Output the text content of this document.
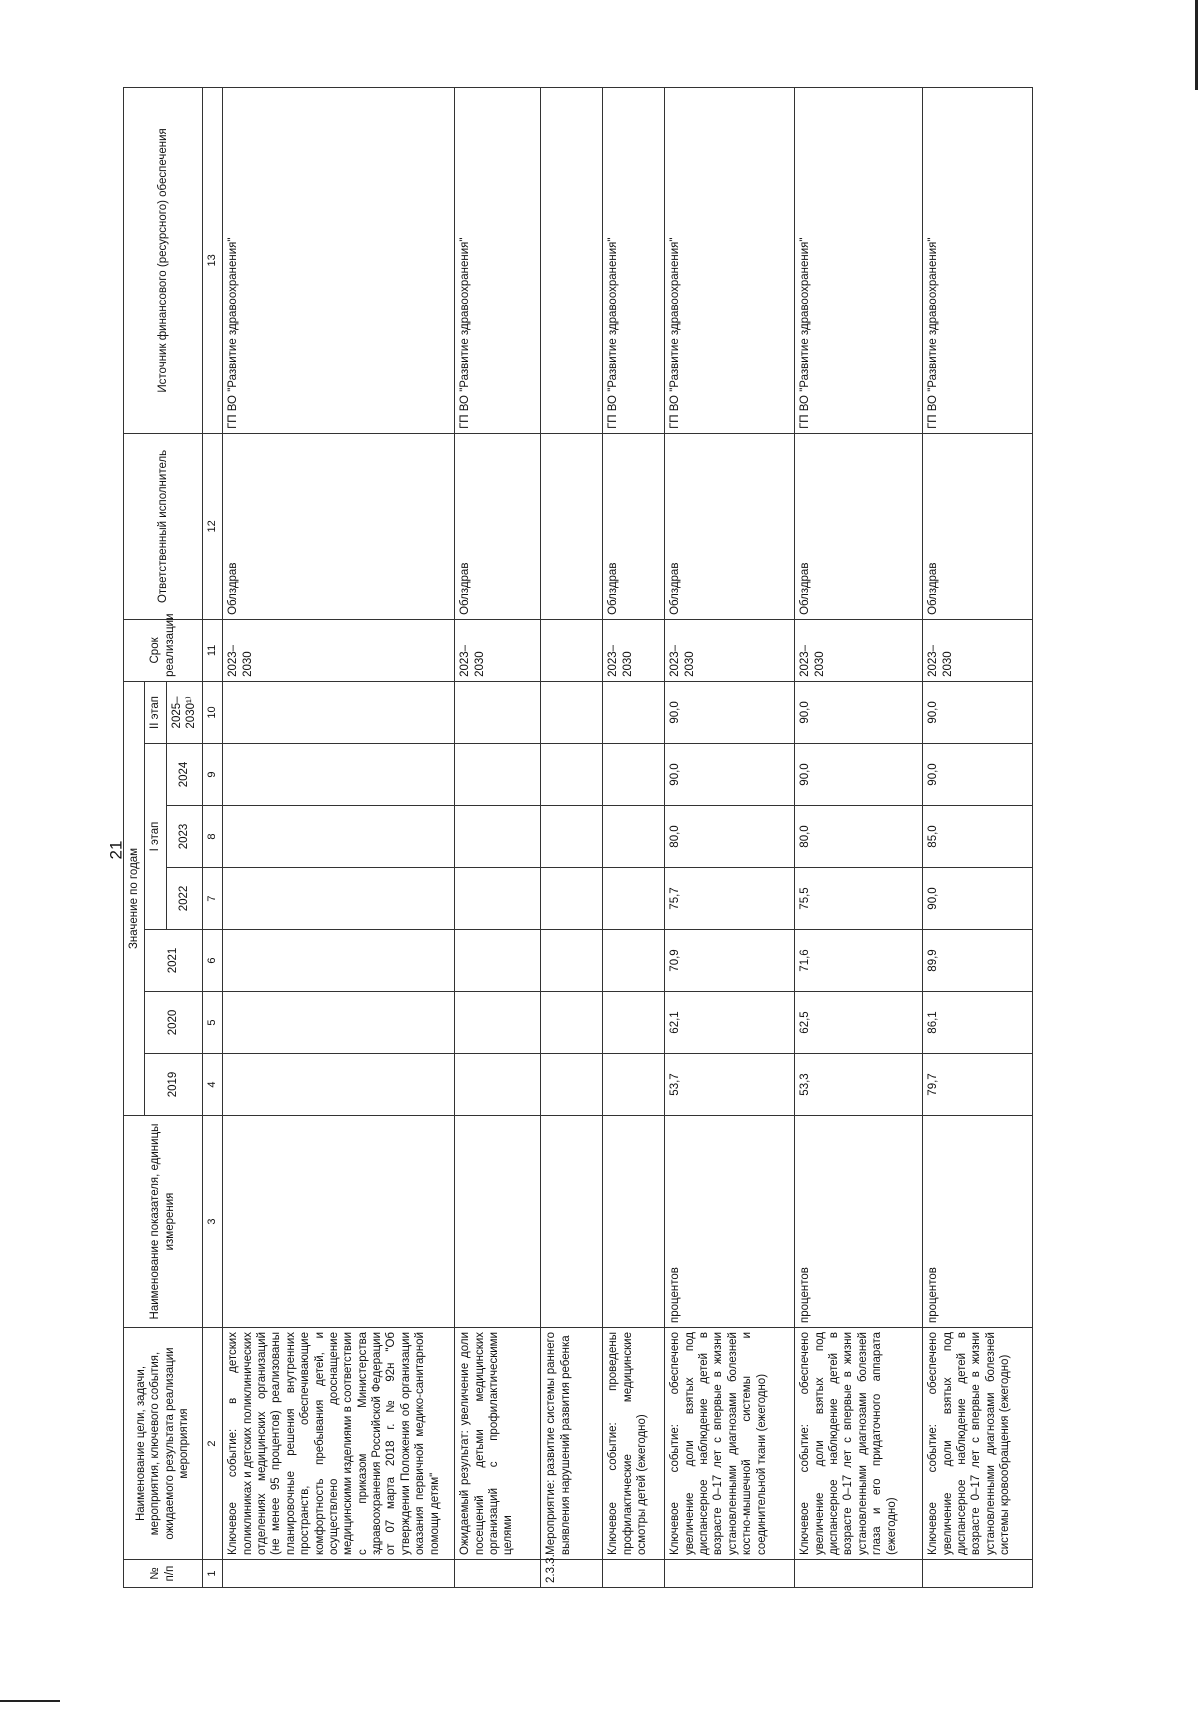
21
№
п/п	Наименование цели, задачи, мероприятия, ключевого события, ожидаемого результата реализации мероприятия	Наименование показателя, единицы измерения	Значение по годам							Срок реализации	Ответственный исполнитель	Источник финансового (ресурсного) обеспечения
			2019	2020	2021	I этап			II этап			
						2022	2023	2024	2025–2030¹⁾			
1	2	3	4	5	6	7	8	9	10	11	12	13
	Ключевое событие: в детских поликлиниках и детских поликлинических отделениях медицинских организаций (не менее 95 процентов) реализованы планировочные решения внутренних пространств, обеспечивающие комфортность пребывания детей, и осуществлено дооснащение медицинскими изделиями в соответствии с приказом Министерства здравоохранения Российской Федерации от 07 марта 2018 г. № 92н "Об утверждении Положения об организации оказания первичной медико-санитарной помощи детям"									2023–2030	Облздрав	ГП ВО "Развитие здравоохранения"
	Ожидаемый результат: увеличение доли посещений детьми медицинских организаций с профилактическими целями									2023–2030	Облздрав	ГП ВО "Развитие здравоохранения"
2.3.3.	Мероприятие: развитие системы раннего выявления нарушений развития ребенка											
	Ключевое событие: проведены профилактические медицинские осмотры детей (ежегодно)									2023–2030	Облздрав	ГП ВО "Развитие здравоохранения"
	Ключевое событие: обеспечено увеличение доли взятых под диспансерное наблюдение детей в возрасте 0–17 лет с впервые в жизни установленными диагнозами болезней костно-мышечной системы и соединительной ткани (ежегодно)	процентов	53,7	62,1	70,9	75,7	80,0	90,0	90,0	2023–2030	Облздрав	ГП ВО "Развитие здравоохранения"
	Ключевое событие: обеспечено увеличение доли взятых под диспансерное наблюдение детей в возрасте 0–17 лет с впервые в жизни установленными диагнозами болезней глаза и его придаточного аппарата (ежегодно)	процентов	53,3	62,5	71,6	75,5	80,0	90,0	90,0	2023–2030	Облздрав	ГП ВО "Развитие здравоохранения"
	Ключевое событие: обеспечено увеличение доли взятых под диспансерное наблюдение детей в возрасте 0–17 лет с впервые в жизни установленными диагнозами болезней системы кровообращения (ежегодно)	процентов	79,7	86,1	89,9	90,0	85,0	90,0	90,0	2023–2030	Облздрав	ГП ВО "Развитие здравоохранения"
